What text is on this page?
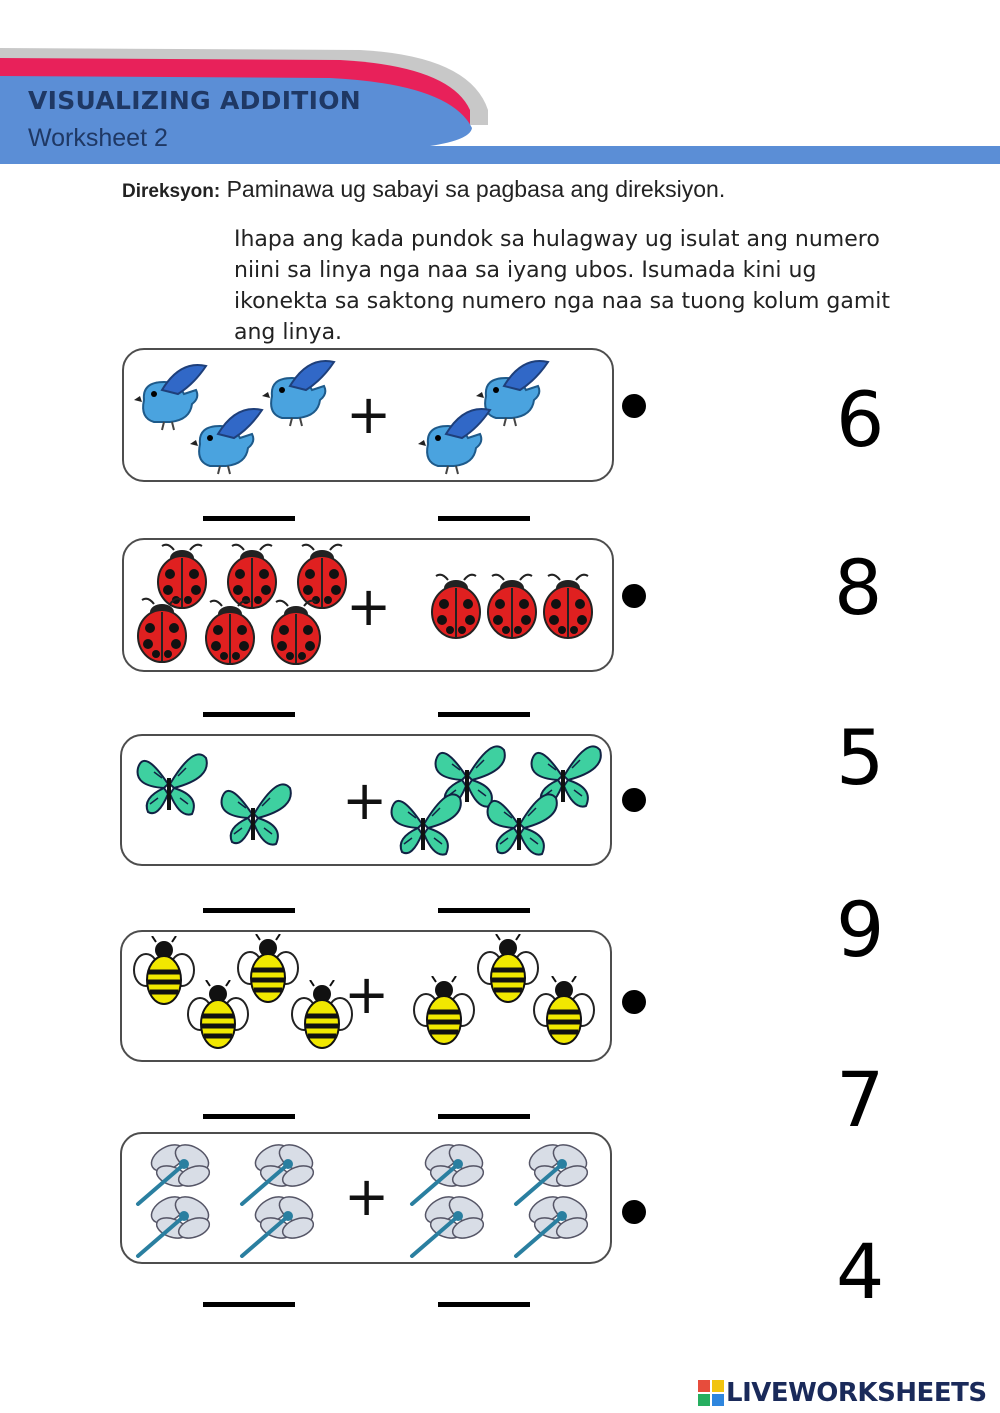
VISUALIZING ADDITION
Worksheet 2
Direksyon: Paminawa ug sabayi sa pagbasa ang direksiyon.

Ihapa ang kada pundok sa hulagway ug isulat ang numero niini sa linya nga naa sa iyang ubos. Isumada kini ug ikonekta sa saktong numero nga naa sa tuong kolum gamit ang linya.

+
+
+
+
+
6
8
5
9
7
4
LIVEWORKSHEETS
